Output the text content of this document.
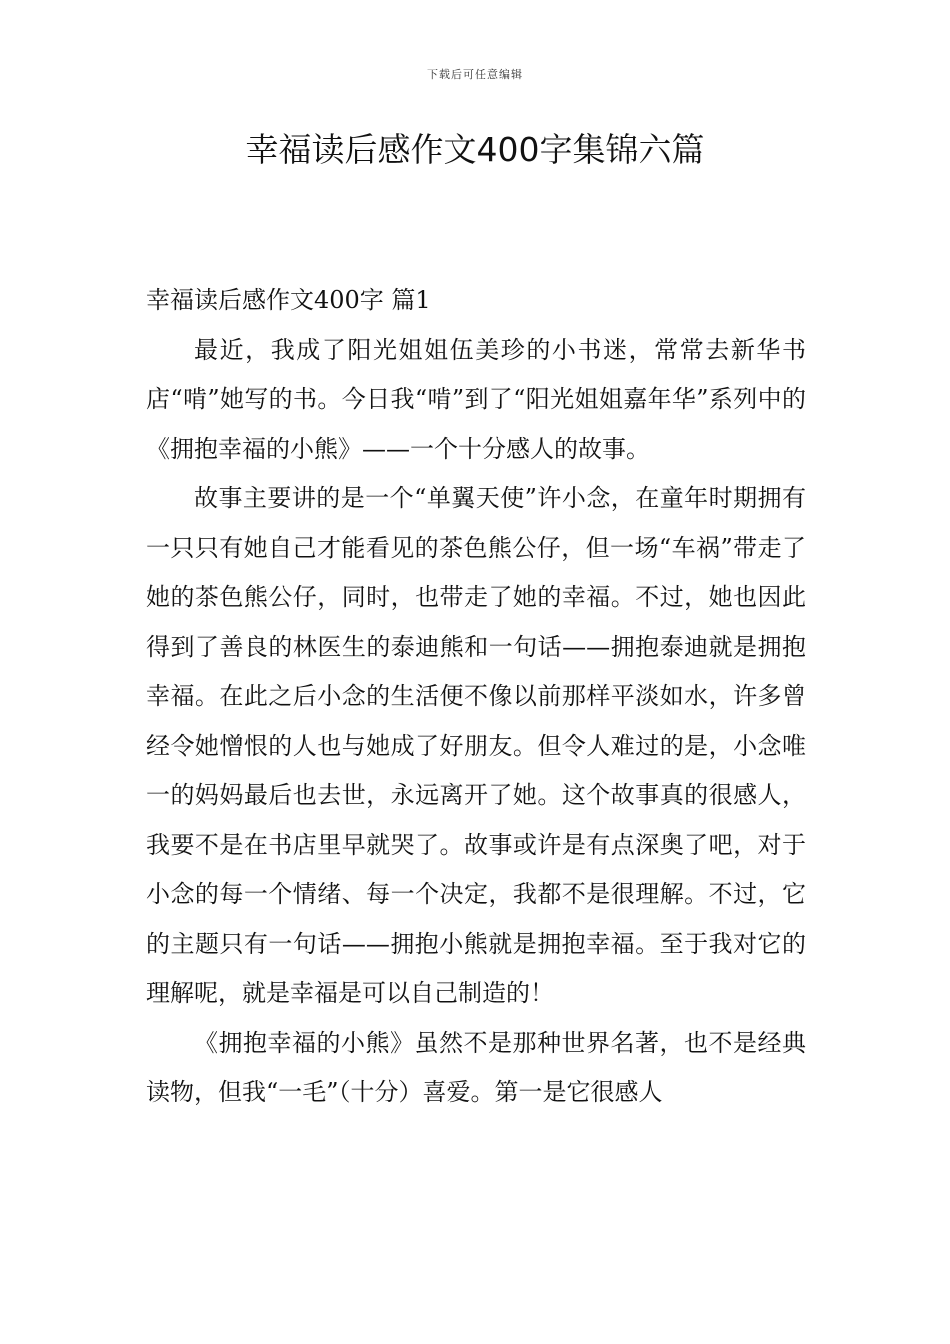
下载后可任意编辑
幸福读后感作文400字集锦六篇

幸福读后感作文400字 篇1

最近，我成了阳光姐姐伍美珍的小书迷，常常去新华书店“啃”她写的书。今日我“啃”到了“阳光姐姐嘉年华”系列中的《拥抱幸福的小熊》——一个十分感人的故事。

故事主要讲的是一个“单翼天使”许小念，在童年时期拥有一只只有她自己才能看见的茶色熊公仔，但一场“车祸”带走了她的茶色熊公仔，同时，也带走了她的幸福。不过，她也因此得到了善良的林医生的泰迪熊和一句话——拥抱泰迪就是拥抱幸福。在此之后小念的生活便不像以前那样平淡如水，许多曾经令她憎恨的人也与她成了好朋友。但令人难过的是，小念唯一的妈妈最后也去世，永远离开了她。这个故事真的很感人，我要不是在书店里早就哭了。故事或许是有点深奥了吧，对于小念的每一个情绪、每一个决定，我都不是很理解。不过，它的主题只有一句话——拥抱小熊就是拥抱幸福。至于我对它的理解呢，就是幸福是可以自己制造的！

《拥抱幸福的小熊》虽然不是那种世界名著，也不是经典读物，但我“一毛”（十分）喜爱。第一是它很感人
